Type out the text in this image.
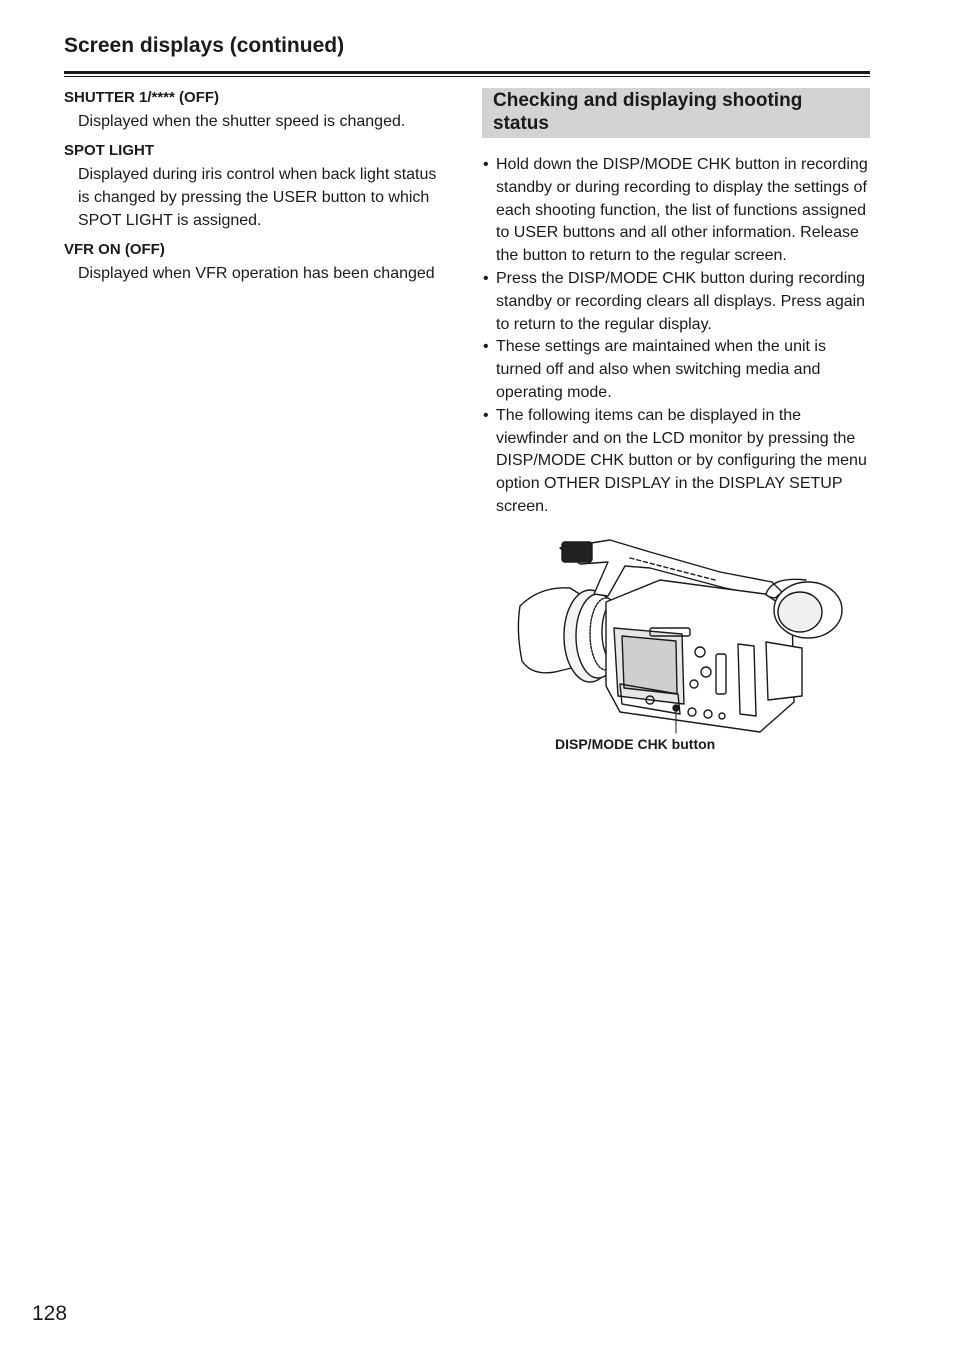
Screen displays (continued)

SHUTTER 1/**** (OFF)

Displayed when the shutter speed is changed.

SPOT LIGHT

Displayed during iris control when back light status is changed by pressing the USER button to which SPOT LIGHT is assigned.

VFR ON (OFF)

Displayed when VFR operation has been changed

Checking and displaying shooting status
• Hold down the DISP/MODE CHK button in recording standby or during recording to display the settings of each shooting function, the list of functions assigned to USER buttons and all other information. Release the button to return to the regular screen.
• Press the DISP/MODE CHK button during recording standby or recording clears all displays. Press again to return to the regular display.
• These settings are maintained when the unit is turned off and also when switching media and operating mode.
• The following items can be displayed in the viewfinder and on the LCD monitor by pressing the DISP/MODE CHK button or by configuring the menu option OTHER DISPLAY in the DISPLAY SETUP screen.
DISP/MODE CHK button
128
